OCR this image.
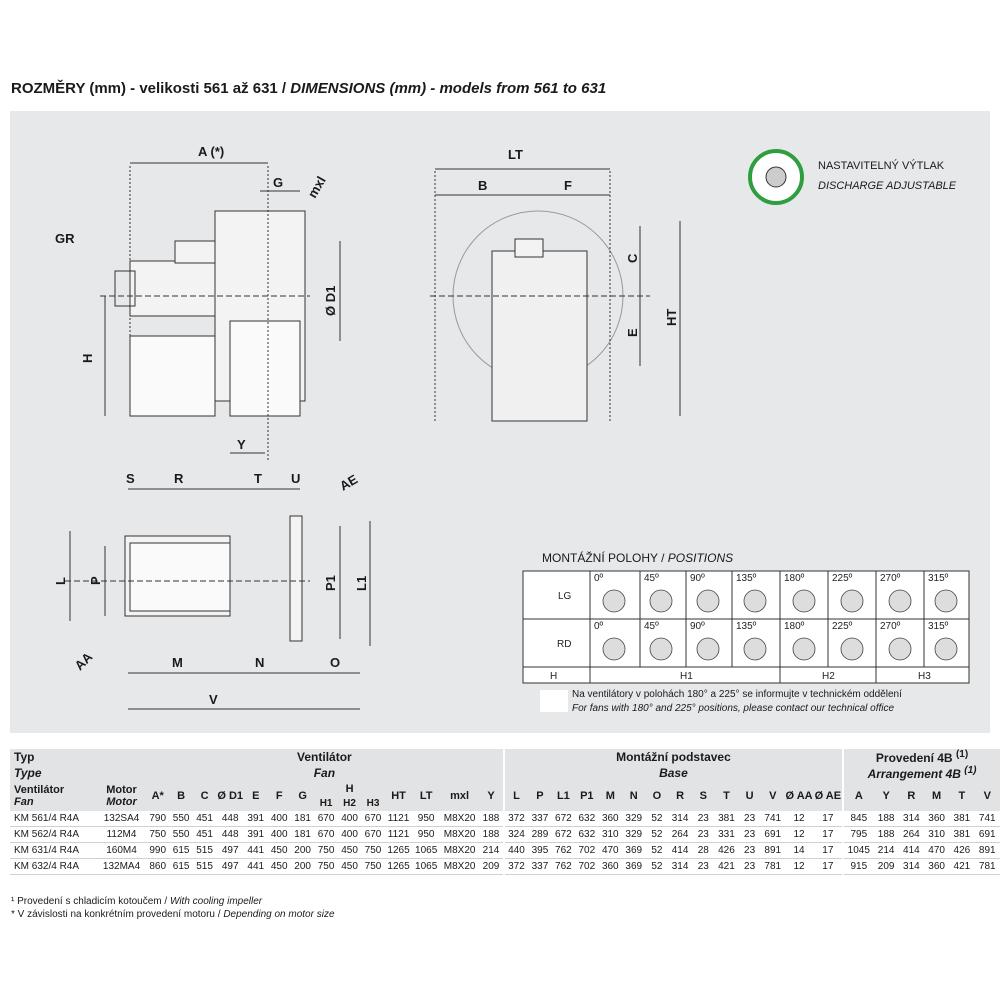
ROZMĚRY (mm) - velikosti 561 až 631 / DIMENSIONS (mm) - models from 561 to 631
A (*)
G mxl
GR
Ø D1
H
Y
LT
B	F
C
E
HT
S	R	T U	AE
L P	P1 L1
AA	M	N	O
V
LG
RD
0º	45º	90º	135º	180º	225º	270º	315º
0º	45º	90º	135º	180º	225º	270º	315º
H	H1	H2	H3
NASTAVITELNÝ VÝTLAK
DISCHARGE ADJUSTABLE
MONTÁŽNÍ POLOHY / POSITIONS
Na ventilátory v polohách 180° a 225° se informujte v technickém oddělení
For fans with 180° and 225° positions, please contact our technical office
Typ		Ventilátor														Montážní podstavec														Provedení 4B $^{(1)}$
Type		Fan														Base														Arrangement 4B $^{(1)}$
Ventilátor
Fan	Motor
Motor	A*	B	C	Ø D1	E	F	G	H			HT	LT	mxl	Y	L	P	L1	P1	M	N	O	R	S	T	U	V	Ø AA	Ø AE	A	Y	R	M	T	V
									H1	H2	H3																								
KM 561/4 R4A	132SA4	790	550	451	448	391	400	181	670	400	670	1121	950	M8X20	188	372	337	672	632	360	329	52	314	23	381	23	741	12	17	845	188	314	360	381	741
KM 562/4 R4A	112M4	750	550	451	448	391	400	181	670	400	670	1121	950	M8X20	188	324	289	672	632	310	329	52	264	23	331	23	691	12	17	795	188	264	310	381	691
KM 631/4 R4A	160M4	990	615	515	497	441	450	200	750	450	750	1265	1065	M8X20	214	440	395	762	702	470	369	52	414	28	426	23	891	14	17	1045	214	414	470	426	891
KM 632/4 R4A	132MA4	860	615	515	497	441	450	200	750	450	750	1265	1065	M8X20	209	372	337	762	702	360	369	52	314	23	421	23	781	12	17	915	209	314	360	421	781
¹ Provedení s chladicím kotoučem / With cooling impeller
* V závislosti na konkrétním provedení motoru / Depending on motor size
